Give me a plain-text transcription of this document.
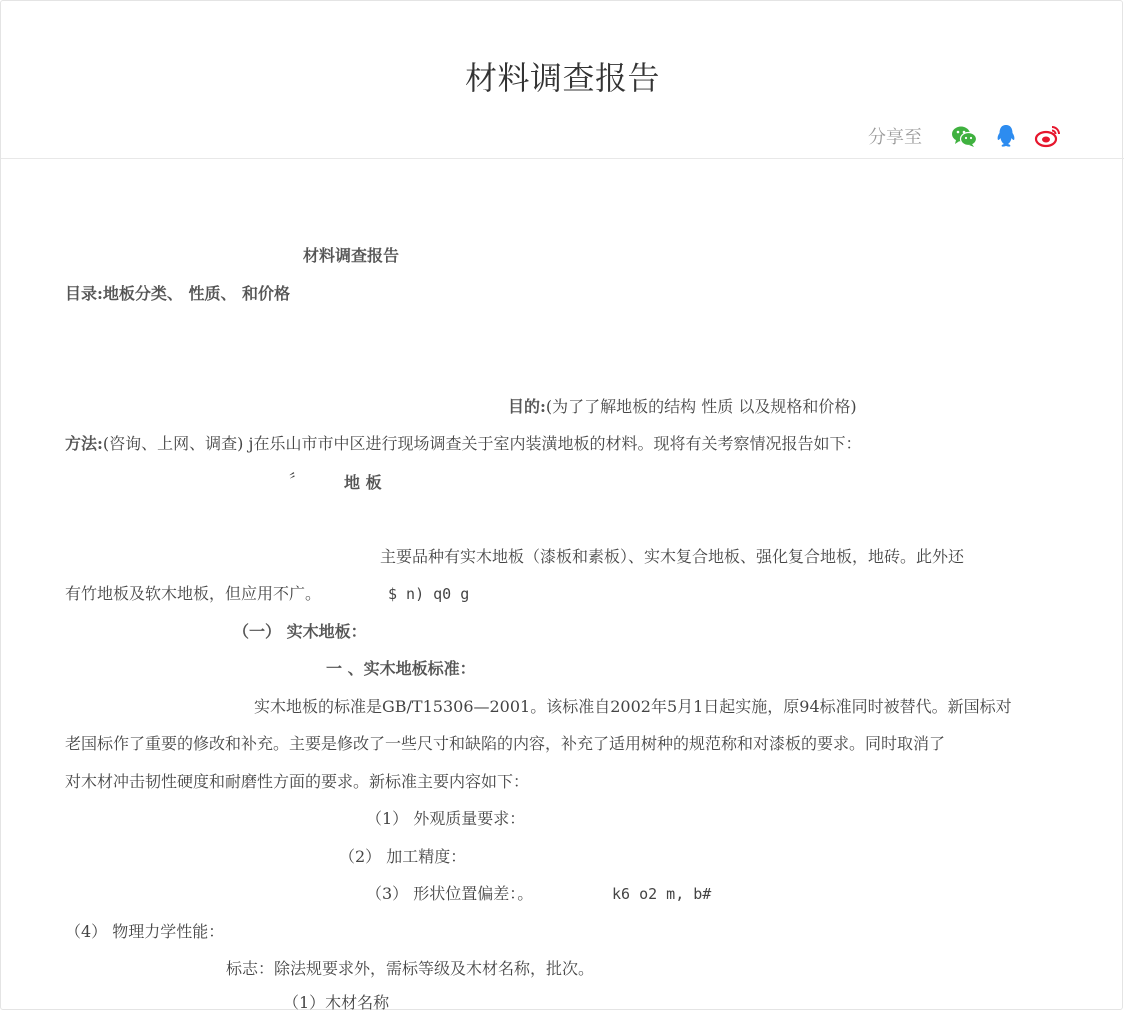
材料调查报告
分享至
材料调查报告
目录:地板分类、 性质、 和价格
目的:(为了了解地板的结构 性质 以及规格和价格)
方法:(咨询、上网、调查) j在乐山市市中区进行现场调查关于室内装潢地板的材料。现将有关考察情况报告如下：
〞 地 板
主要品种有实木地板（漆板和素板）、实木复合地板、强化复合地板，地砖。此外还
有竹地板及软木地板，但应用不广。	$ n) q0 g
（一） 实木地板：
一 、实木地板标准：
实木地板的标准是GB/T15306—2001。该标准自2002年5月1日起实施，原94标准同时被替代。新国标对
老国标作了重要的修改和补充。主要是修改了一些尺寸和缺陷的内容，补充了适用树种的规范称和对漆板的要求。同时取消了
对木材冲击韧性硬度和耐磨性方面的要求。新标准主要内容如下：
（1） 外观质量要求：
（2） 加工精度：
（3） 形状位置偏差：。	k6 o2 m, b#
（4） 物理力学性能：
标志：除法规要求外，需标等级及木材名称，批次。
（1）木材名称
